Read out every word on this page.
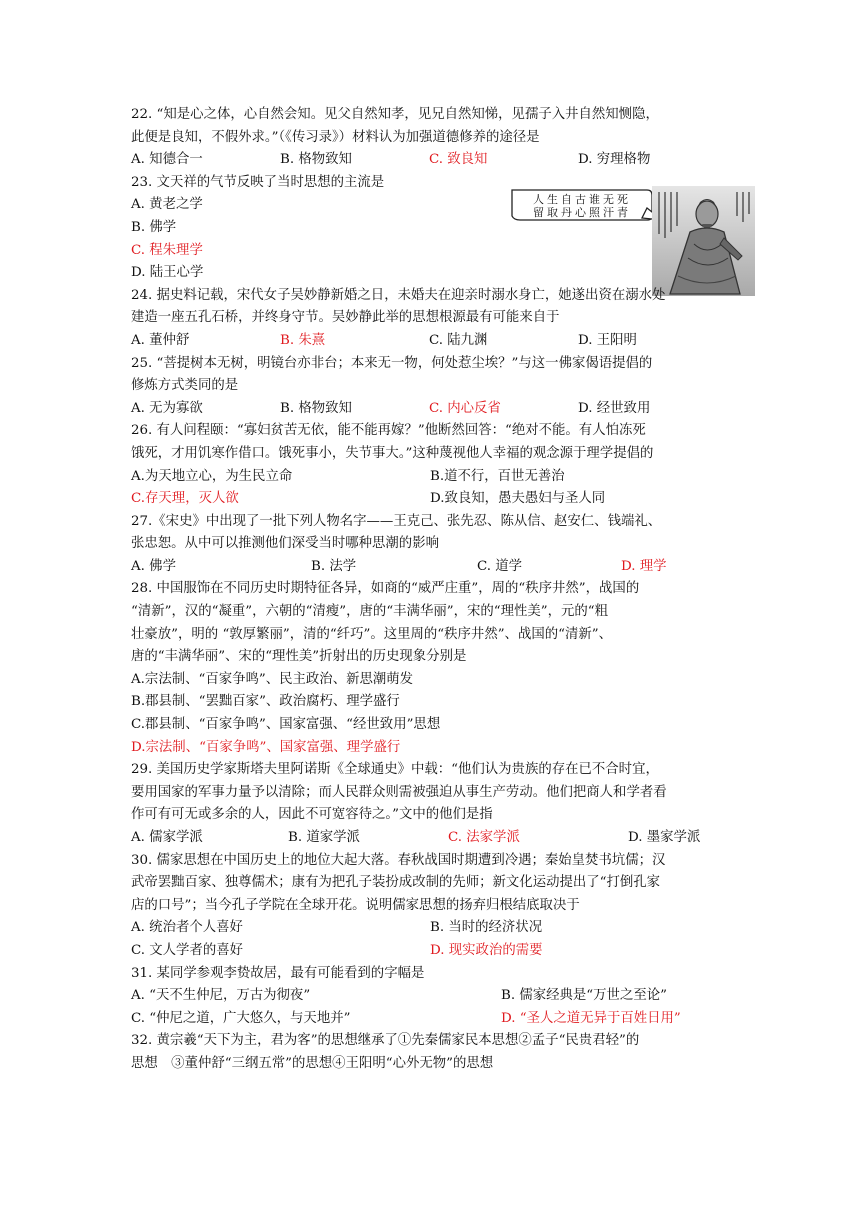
人生自古谁无死
留取丹心照汗青
22. “知是心之体，心自然会知。见父自然知孝，见兄自然知悌，见孺子入井自然知恻隐，
此便是良知，不假外求。”（《传习录》）材料认为加强道德修养的途径是
A. 知德合一	B. 格物致知	C. 致良知	D. 穷理格物
23. 文天祥的气节反映了当时思想的主流是
A. 黄老之学
B. 佛学
C. 程朱理学
D. 陆王心学
24. 据史料记载，宋代女子吴妙静新婚之日，未婚夫在迎亲时溺水身亡，她遂出资在溺水处
建造一座五孔石桥，并终身守节。吴妙静此举的思想根源最有可能来自于
A. 董仲舒	B. 朱熹	C. 陆九渊	D. 王阳明
25. “菩提树本无树，明镜台亦非台；本来无一物，何处惹尘埃？”与这一佛家偈语提倡的
修炼方式类同的是
A. 无为寡欲	B. 格物致知	C. 内心反省	D. 经世致用
26. 有人问程颐：“寡妇贫苦无依，能不能再嫁？”他断然回答：“绝对不能。有人怕冻死
饿死，才用饥寒作借口。饿死事小，失节事大。”这种蔑视他人幸福的观念源于理学提倡的
A.为天地立心，为生民立命	B.道不行，百世无善治
C.存天理，灭人欲	D.致良知，愚夫愚妇与圣人同
27.《宋史》中出现了一批下列人物名字——王克己、张先忍、陈从信、赵安仁、钱端礼、
张忠恕。从中可以推测他们深受当时哪种思潮的影响
A. 佛学	B. 法学	C. 道学	D. 理学
28. 中国服饰在不同历史时期特征各异，如商的“威严庄重”，周的“秩序井然”，战国的
“清新”，汉的“凝重”，六朝的“清瘦”，唐的“丰满华丽”，宋的“理性美”，元的“粗
壮豪放”，明的 “敦厚繁丽”，清的“纤巧”。这里周的“秩序井然”、战国的“清新”、
唐的“丰满华丽”、宋的“理性美”折射出的历史现象分别是
A.宗法制、“百家争鸣”、民主政治、新思潮萌发
B.郡县制、“罢黜百家”、政治腐朽、理学盛行
C.郡县制、“百家争鸣”、国家富强、“经世致用”思想
D.宗法制、“百家争鸣”、国家富强、理学盛行
29. 美国历史学家斯塔夫里阿诺斯《全球通史》中载：“他们认为贵族的存在已不合时宜，
要用国家的军事力量予以清除；而人民群众则需被强迫从事生产劳动。他们把商人和学者看
作可有可无或多余的人，因此不可宽容待之。”文中的他们是指
A. 儒家学派	B. 道家学派	C. 法家学派	D. 墨家学派
30. 儒家思想在中国历史上的地位大起大落。春秋战国时期遭到冷遇；秦始皇焚书坑儒；汉
武帝罢黜百家、独尊儒术；康有为把孔子装扮成改制的先师；新文化运动提出了“打倒孔家
店的口号”；当今孔子学院在全球开花。说明儒家思想的扬弃归根结底取决于
A. 统治者个人喜好	B. 当时的经济状况
C. 文人学者的喜好	D. 现实政治的需要
31. 某同学参观李贽故居，最有可能看到的字幅是
A. “天不生仲尼，万古为彻夜”	B. 儒家经典是“万世之至论”
C. “仲尼之道，广大悠久，与天地并”	D. “圣人之道无异于百姓日用”
32. 黄宗羲“天下为主，君为客”的思想继承了①先秦儒家民本思想②孟子“民贵君轻”的
思想　③董仲舒“三纲五常”的思想④王阳明“心外无物”的思想
